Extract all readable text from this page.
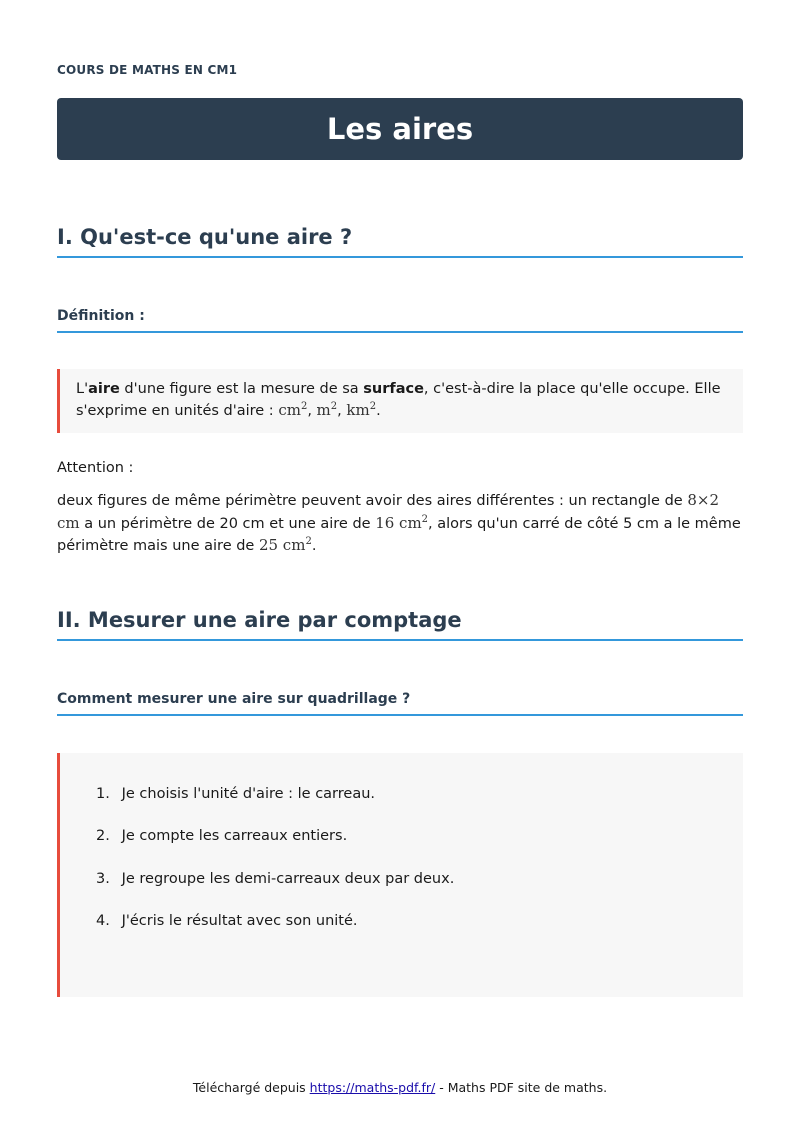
COURS DE MATHS EN CM1
Les aires
I. Qu'est-ce qu'une aire ?
Définition :
L'aire d'une figure est la mesure de sa surface, c'est-à-dire la place qu'elle occupe. Elle s'exprime en unités d'aire : $cm^2$, $m^2$, $km^2$.
Attention :
deux figures de même périmètre peuvent avoir des aires différentes : un rectangle de 8×2 cm a un périmètre de 20 cm et une aire de 16 $cm^2$, alors qu'un carré de côté 5 cm a le même périmètre mais une aire de 25 $cm^2$.
II. Mesurer une aire par comptage
Comment mesurer une aire sur quadrillage ?
1. Je choisis l'unité d'aire : le carreau.
2. Je compte les carreaux entiers.
3. Je regroupe les demi-carreaux deux par deux.
4. J'écris le résultat avec son unité.
Téléchargé depuis https://maths-pdf.fr/ - Maths PDF site de maths.
